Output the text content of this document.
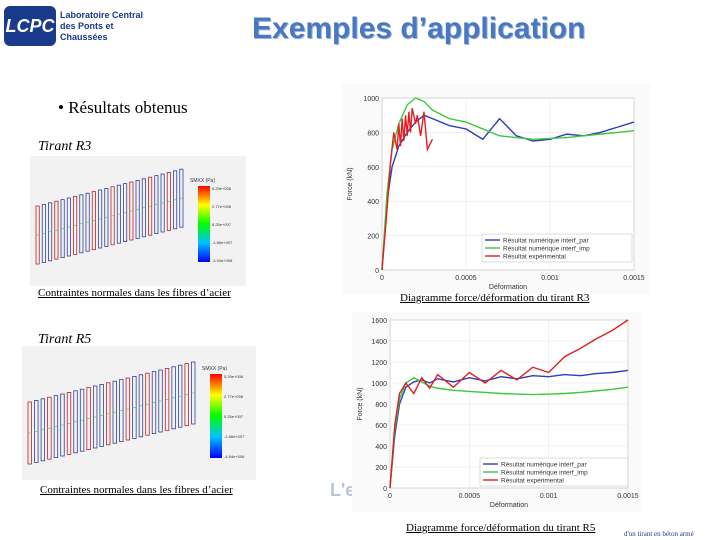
LCPC
Laboratoire Central
des Ponts et Chaussées	Exemples d’application
• Résultats obtenus
Tirant R3
SMXX (Pa)
5.29e+008
2.77e+008
5.25e+007
-1.86e+007
-4.94e+008
Contraintes normales dans les fibres d’acier
0
200
400
600
800
1000
0	0.0005	0.001	0.0015
Déformation
Force (kN)
Résultat numérique interf_par
Résultat numérique interf_imp
Résultat expérimental
Diagramme force/déformation du tirant R3
Tirant R5
SMXX (Pa)
5.29e+008
2.77e+008
5.25e+007
-1.86e+007
-4.94e+008
Contraintes normales dans les fibres d’acier	L'e	0
200
400
600
800
1000
1200
1400
1600
0	0.0005	0.001	0.0015
Déformation
Force (kN)
Résultat numérique interf_par
Résultat numérique interf_imp
Résultat experimental
Diagramme force/déformation du tirant R5	d'un tirant en béton armé
